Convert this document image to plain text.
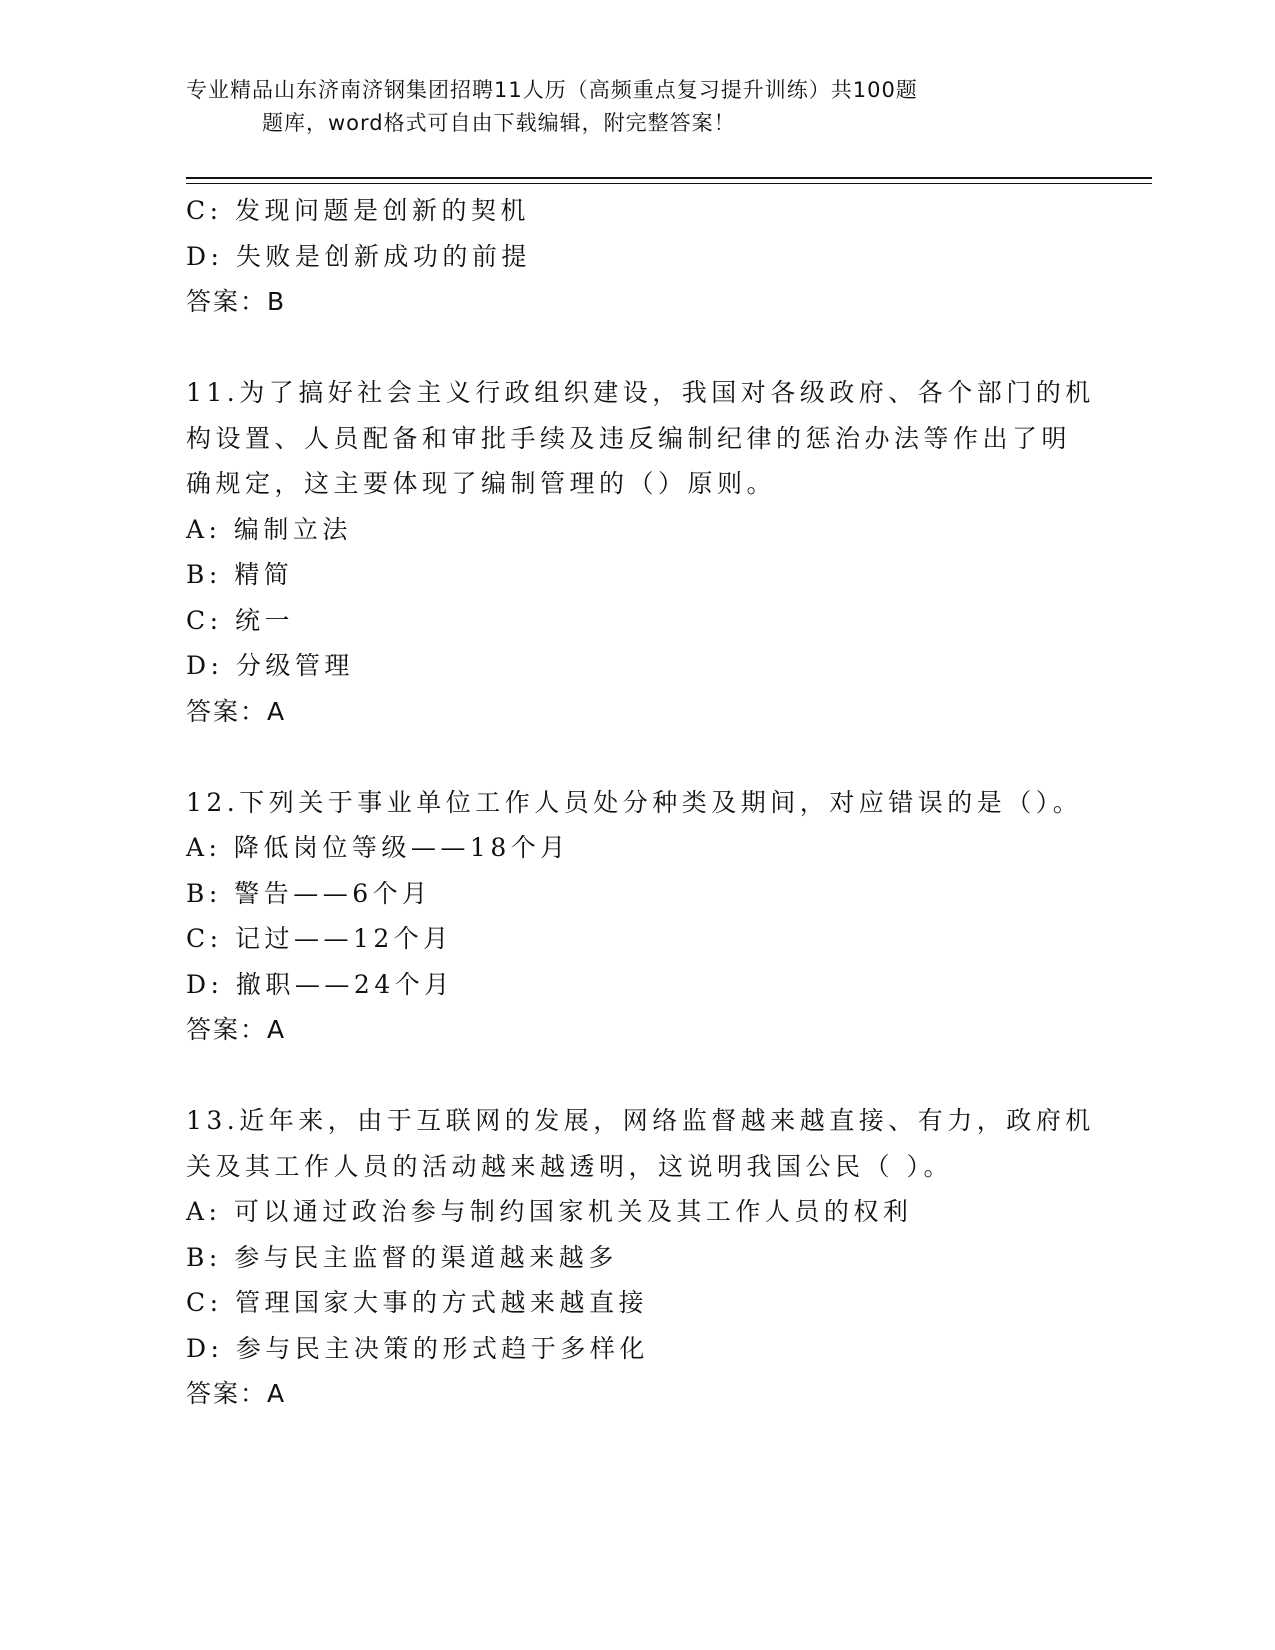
专业精品山东济南济钢集团招聘11人历（高频重点复习提升训练）共100题
题库，word格式可自由下载编辑，附完整答案！
C: 发现问题是创新的契机
D: 失败是创新成功的前提
答案：B
11.为了搞好社会主义行政组织建设，我国对各级政府、各个部门的机
构设置、人员配备和审批手续及违反编制纪律的惩治办法等作出了明
确规定，这主要体现了编制管理的（）原则。
A: 编制立法
B: 精简
C: 统一
D: 分级管理
答案：A
12.下列关于事业单位工作人员处分种类及期间，对应错误的是（）。
A: 降低岗位等级——18个月
B: 警告——6个月
C: 记过——12个月
D: 撤职——24个月
答案：A
13.近年来，由于互联网的发展，网络监督越来越直接、有力，政府机
关及其工作人员的活动越来越透明，这说明我国公民（ ）。
A: 可以通过政治参与制约国家机关及其工作人员的权利
B: 参与民主监督的渠道越来越多
C: 管理国家大事的方式越来越直接
D: 参与民主决策的形式趋于多样化
答案：A
